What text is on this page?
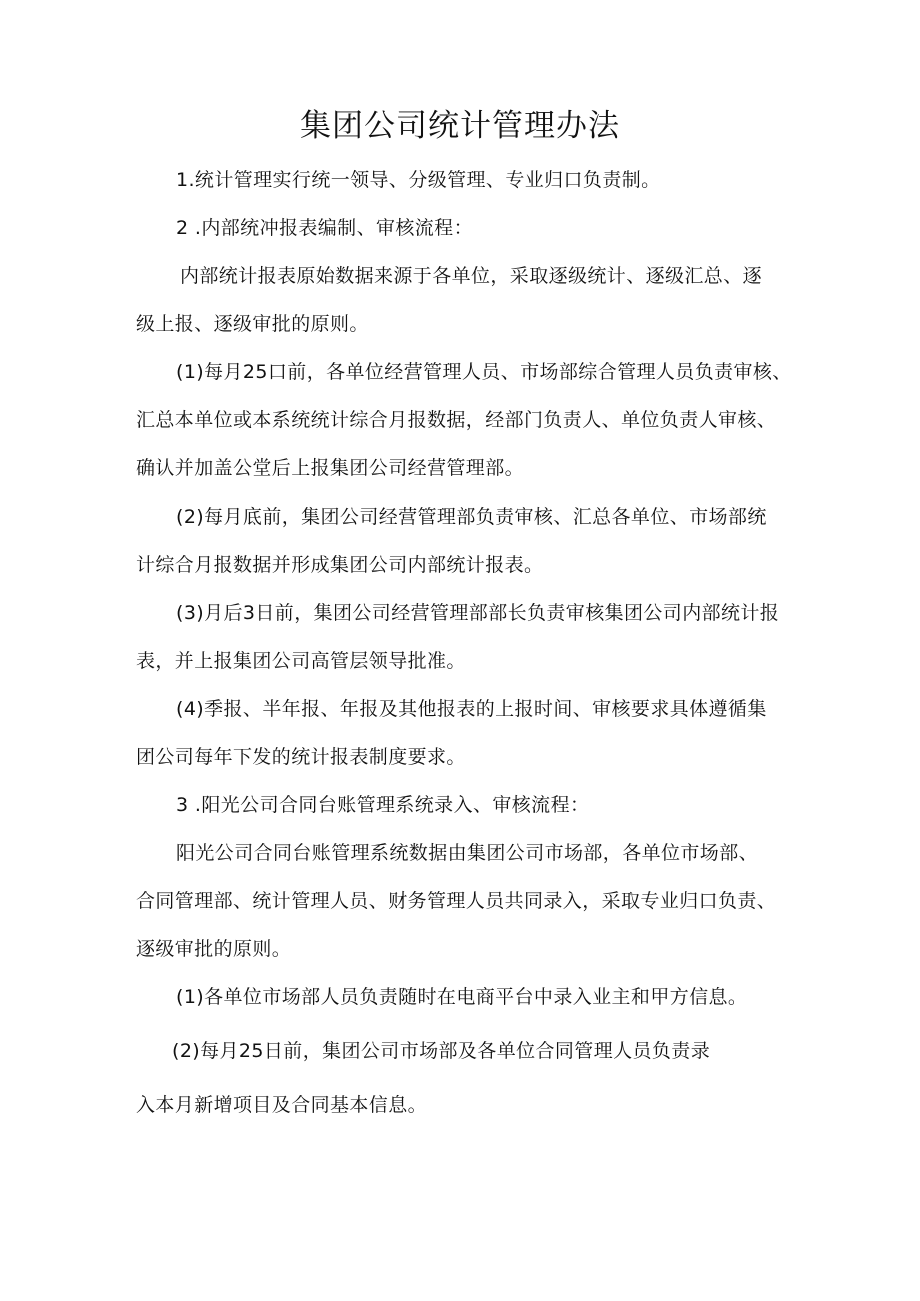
集团公司统计管理办法
1.统计管理实行统一领导、分级管理、专业归口负责制。
2 .内部统冲报表编制、审核流程：
内部统计报表原始数据来源于各单位，采取逐级统计、逐级汇总、逐
级上报、逐级审批的原则。
(1)每月25口前，各单位经营管理人员、市场部综合管理人员负责审核、
汇总本单位或本系统统计综合月报数据，经部门负责人、单位负责人审核、
确认并加盖公堂后上报集团公司经营管理部。
(2)每月底前，集团公司经营管理部负责审核、汇总各单位、市场部统
计综合月报数据并形成集团公司内部统计报表。
(3)月后3日前，集团公司经营管理部部长负责审核集团公司内部统计报
表，并上报集团公司高管层领导批准。
(4)季报、半年报、年报及其他报表的上报时间、审核要求具体遵循集
团公司每年下发的统计报表制度要求。
3 .阳光公司合同台账管理系统录入、审核流程：
阳光公司合同台账管理系统数据由集团公司市场部，各单位市场部、
合同管理部、统计管理人员、财务管理人员共同录入，采取专业归口负责、
逐级审批的原则。
(1)各单位市场部人员负责随时在电商平台中录入业主和甲方信息。
(2)每月25日前，集团公司市场部及各单位合同管理人员负责录
入本月新增项目及合同基本信息。
